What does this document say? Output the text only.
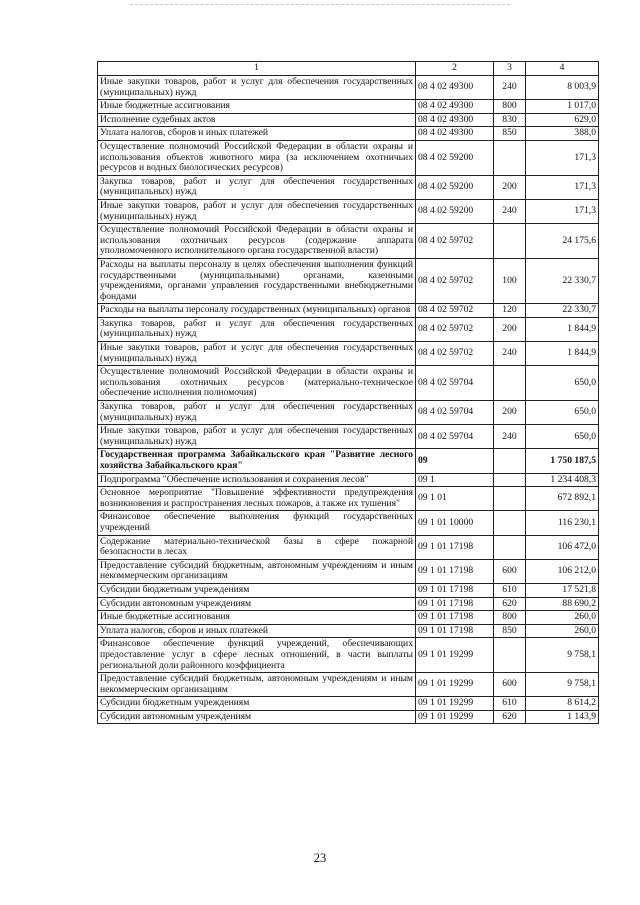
1	2	3	4
Иные закупки товаров, работ и услуг для обеспечения государственных (муниципальных) нужд	08 4 02 49300	240	8 003,9
Иные бюджетные ассигнования	08 4 02 49300	800	1 017,0
Исполнение судебных актов	08 4 02 49300	830	629,0
Уплата налогов, сборов и иных платежей	08 4 02 49300	850	388,0
Осуществление полномочий Российской Федерации в области охраны и использования объектов животного мира (за исключением охотничьих ресурсов и водных биологических ресурсов)	08 4 02 59200		171,3
Закупка товаров, работ и услуг для обеспечения государственных (муниципальных) нужд	08 4 02 59200	200	171,3
Иные закупки товаров, работ и услуг для обеспечения государственных (муниципальных) нужд	08 4 02 59200	240	171,3
Осуществление полномочий Российской Федерации в области охраны и использования охотничьих ресурсов (содержание аппарата уполномоченного исполнительного органа государственной власти)	08 4 02 59702		24 175,6
Расходы на выплаты персоналу в целях обеспечения выполнения функций государственными (муниципальными) органами, казенными учреждениями, органами управления государственными внебюджетными фондами	08 4 02 59702	100	22 330,7
Расходы на выплаты персоналу государственных (муниципальных) органов	08 4 02 59702	120	22 330,7
Закупка товаров, работ и услуг для обеспечения государственных (муниципальных) нужд	08 4 02 59702	200	1 844,9
Иные закупки товаров, работ и услуг для обеспечения государственных (муниципальных) нужд	08 4 02 59702	240	1 844,9
Осуществление полномочий Российской Федерации в области охраны и использования охотничьих ресурсов (материально-техническое обеспечение исполнения полномочия)	08 4 02 59704		650,0
Закупка товаров, работ и услуг для обеспечения государственных (муниципальных) нужд	08 4 02 59704	200	650,0
Иные закупки товаров, работ и услуг для обеспечения государственных (муниципальных) нужд	08 4 02 59704	240	650,0
Государственная программа Забайкальского края "Развитие лесного хозяйства Забайкальского края"	09		1 750 187,5
Подпрограмма "Обеспечение использования и сохранения лесов"	09 1		1 234 408,3
Основное мероприятие "Повышение эффективности предупреждения возникновения и распространения лесных пожаров, а также их тушения"	09 1 01		672 892,1
Финансовое обеспечение выполнения функций государственных учреждений	09 1 01 10000		116 230,1
Содержание материально-технической базы в сфере пожарной безопасности в лесах	09 1 01 17198		106 472,0
Предоставление субсидий бюджетным, автономным учреждениям и иным некоммерческим организациям	09 1 01 17198	600	106 212,0
Субсидии бюджетным учреждениям	09 1 01 17198	610	17 521,8
Субсидии автономным учреждениям	09 1 01 17198	620	88 690,2
Иные бюджетные ассигнования	09 1 01 17198	800	260,0
Уплата налогов, сборов и иных платежей	09 1 01 17198	850	260,0
Финансовое обеспечение функций учреждений, обеспечивающих предоставление услуг в сфере лесных отношений, в части выплаты региональной доли районного коэффициента	09 1 01 19299		9 758,1
Предоставление субсидий бюджетным, автономным учреждениям и иным некоммерческим организациям	09 1 01 19299	600	9 758,1
Субсидии бюджетным учреждениям	09 1 01 19299	610	8 614,2
Субсидии автономным учреждениям	09 1 01 19299	620	1 143,9
23
